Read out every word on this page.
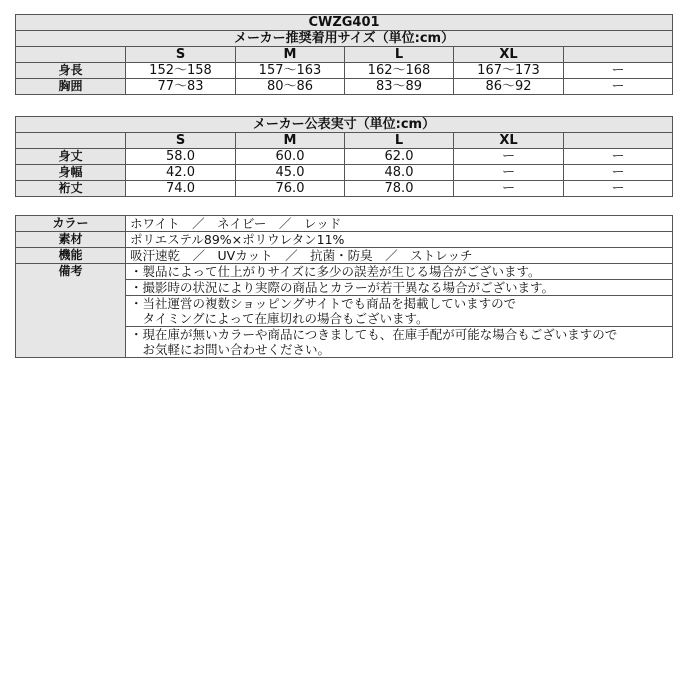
CWZG401					
メーカー推奨着用サイズ（単位:cm）					
	S	M	L	XL	
身長	152〜158	157〜163	162〜168	167〜173	ー
胸囲	77〜83	80〜86	83〜89	86〜92	ー
メーカー公表実寸（単位:cm）					
	S	M	L	XL	
身丈	58.0	60.0	62.0	ー	ー
身幅	42.0	45.0	48.0	ー	ー
裄丈	74.0	76.0	78.0	ー	ー
カラー	ホワイト　／　ネイビー　／　レッド
素材	ポリエステル89%×ポリウレタン11%
機能	吸汗速乾　／　UVカット　／　抗菌・防臭　／　ストレッチ
備考	・製品によって仕上がりサイズに多少の誤差が生じる場合がございます。

	・撮影時の状況により実際の商品とカラーが若干異なる場合がございます。

	・当社運営の複数ショッピングサイトでも商品を掲載していますので
　タイミングによって在庫切れの場合もございます。

	・現在庫が無いカラーや商品につきましても、在庫手配が可能な場合もございますので
　お気軽にお問い合わせください。
